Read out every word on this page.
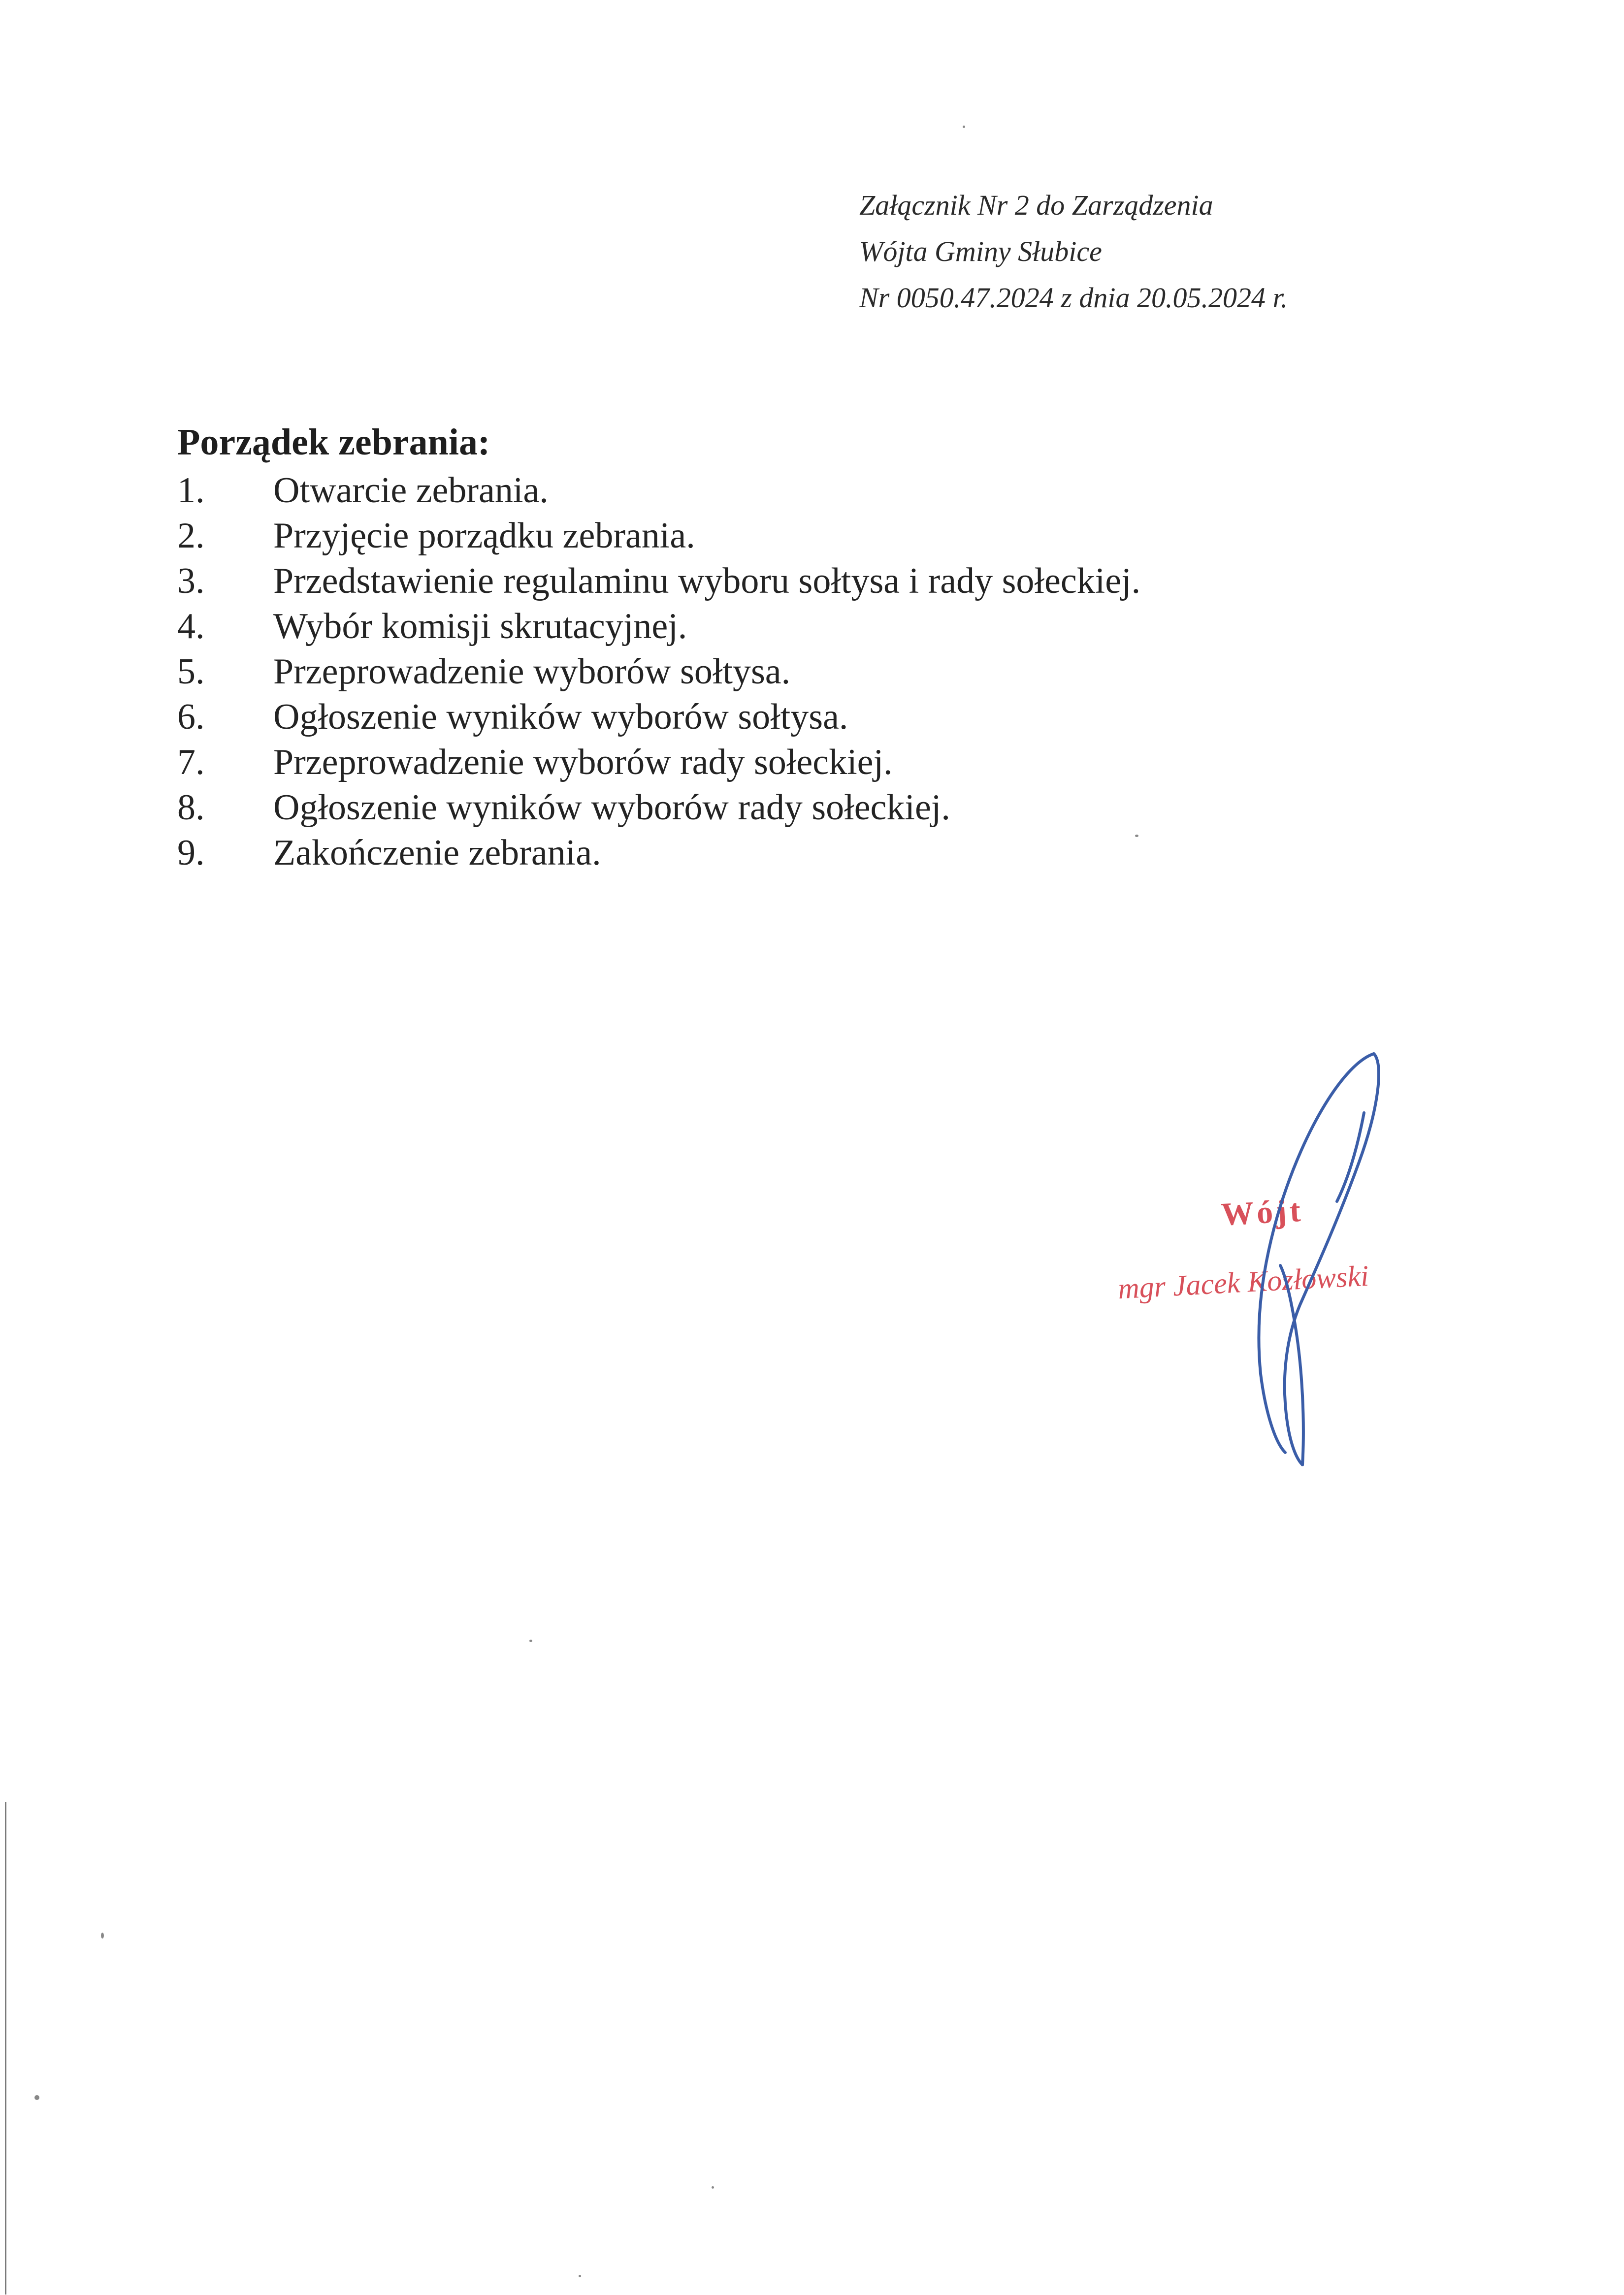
Załącznik Nr 2 do Zarządzenia
Wójta Gminy Słubice
Nr 0050.47.2024 z dnia 20.05.2024 r.
Porządek zebrania:
1.	Otwarcie zebrania.
2.	Przyjęcie porządku zebrania.
3.	Przedstawienie regulaminu wyboru sołtysa i rady sołeckiej.
4.	Wybór komisji skrutacyjnej.
5.	Przeprowadzenie wyborów sołtysa.
6.	Ogłoszenie wyników wyborów sołtysa.
7.	Przeprowadzenie wyborów rady sołeckiej.
8.	Ogłoszenie wyników wyborów rady sołeckiej.
9.	Zakończenie zebrania.
Wójt
mgr Jacek Kozłowski
